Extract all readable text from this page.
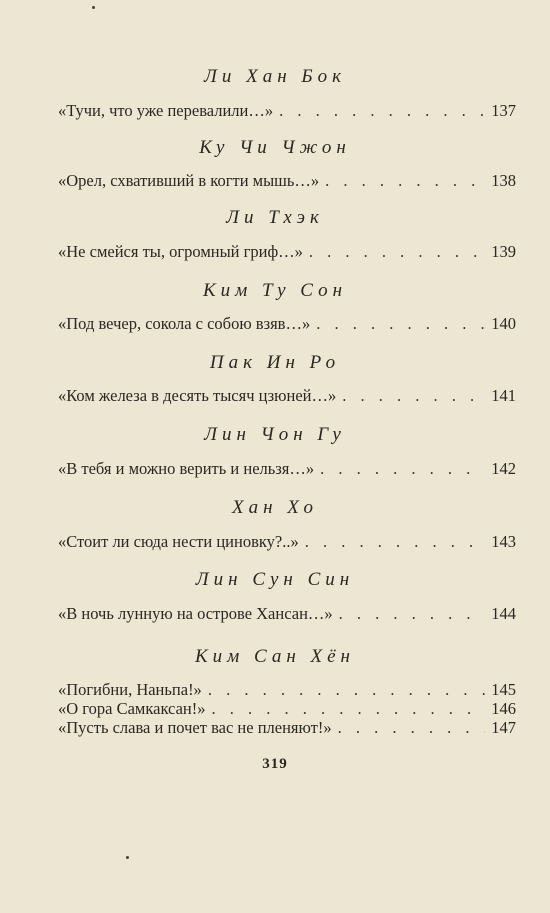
Ли Хан Бок
«Тучи, что уже перевалили…» . . .	137
Ку Чи Чжон
«Орел, схвативший в когти мышь…» . . .	138
Ли Тхэк
«Не смейся ты, огромный гриф…» . . .	139
Ким Ту Сон
«Под вечер, сокола с собою взяв…» . . .	140
Пак Ин Ро
«Ком железа в десять тысяч цзюней…» . . .	141
Лин Чон Гу
«В тебя и можно верить и нельзя…» . . .	142
Хан Хо
«Стоит ли сюда нести циновку?..» . . .	143
Лин Сун Син
«В ночь лунную на острове Хансан…» . . .	144
Ким Сан Хён
«Погибни, Наньпа!» . . .	145
«О гора Самкаксан!» . . .	146
«Пусть слава и почет вас не пленяют!» . . .	147
319
